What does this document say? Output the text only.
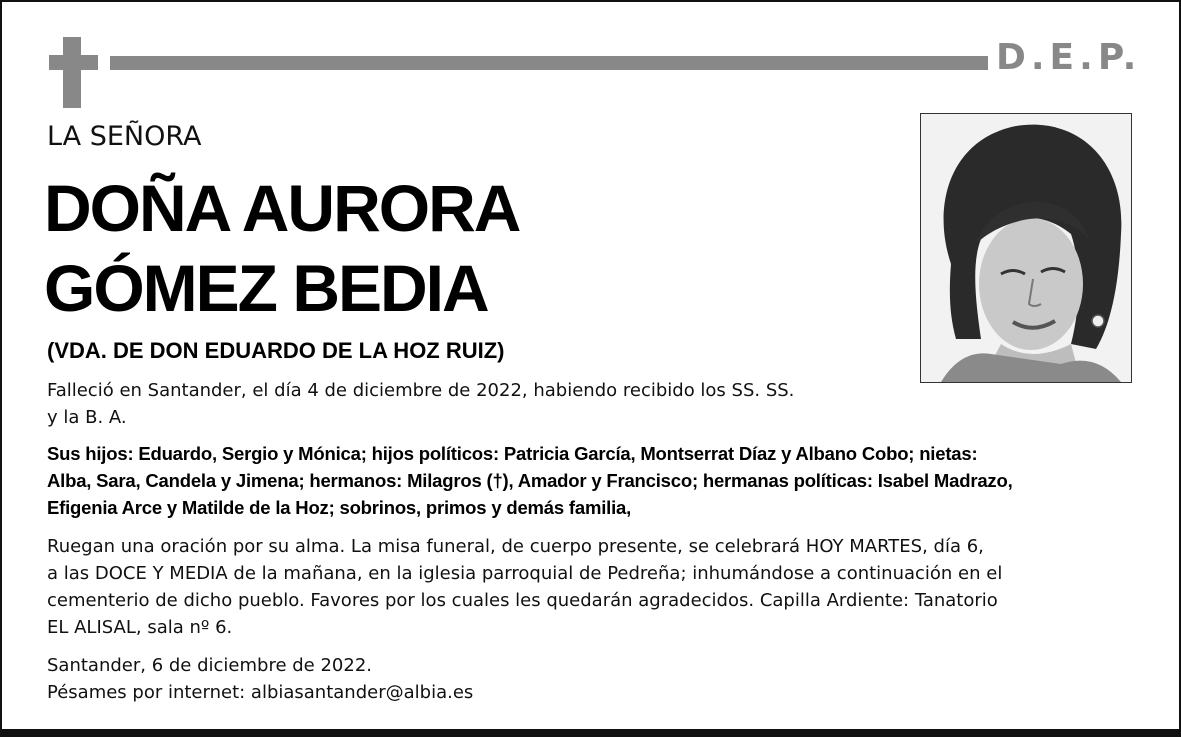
D.E.P.
LA SEÑORA
DOÑA AURORA
GÓMEZ BEDIA
(VDA. DE DON EDUARDO DE LA HOZ RUIZ)
Falleció en Santander, el día 4 de diciembre de 2022, habiendo recibido los SS. SS.
y la B. A.
Sus hijos: Eduardo, Sergio y Mónica; hijos políticos: Patricia García, Montserrat Díaz y Albano Cobo; nietas:
Alba, Sara, Candela y Jimena; hermanos: Milagros (†), Amador y Francisco; hermanas políticas: Isabel Madrazo,
Efigenia Arce y Matilde de la Hoz; sobrinos, primos y demás familia,
Ruegan una oración por su alma. La misa funeral, de cuerpo presente, se celebrará HOY MARTES, día 6,
a las DOCE Y MEDIA de la mañana, en la iglesia parroquial de Pedreña; inhumándose a continuación en el
cementerio de dicho pueblo. Favores por los cuales les quedarán agradecidos. Capilla Ardiente: Tanatorio
EL ALISAL, sala nº 6.
Santander, 6 de diciembre de 2022.
Pésames por internet: albiasantander@albia.es
